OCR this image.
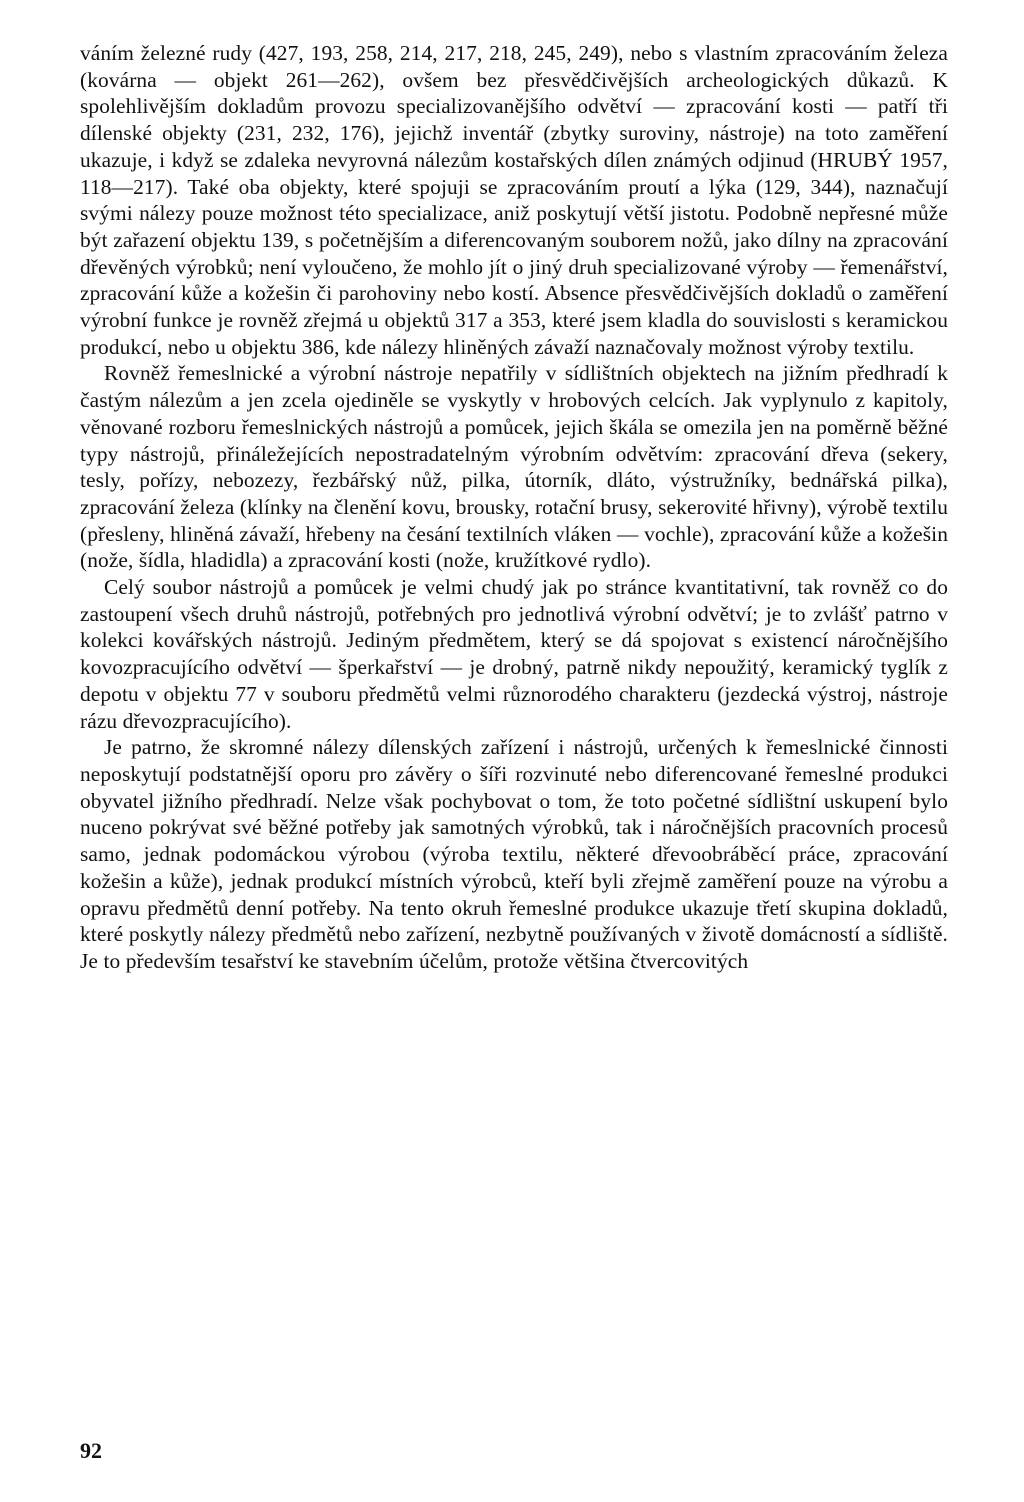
váním železné rudy (427, 193, 258, 214, 217, 218, 245, 249), nebo s vlastním zpracováním železa (kovárna — objekt 261—262), ovšem bez přesvědčivějších archeologických důkazů. K spolehlivějším dokladům provozu specializovanějšího odvětví — zpracování kosti — patří tři dílenské objekty (231, 232, 176), jejichž inventář (zbytky suroviny, nástroje) na toto zaměření ukazuje, i když se zdaleka nevyrovná nálezům kostařských dílen známých odjinud (HRUBÝ 1957, 118—217). Také oba objekty, které spojuji se zpracováním proutí a lýka (129, 344), naznačují svými nálezy pouze možnost této specializace, aniž poskytují větší jistotu. Podobně nepřesné může být zařazení objektu 139, s početnějším a diferencovaným souborem nožů, jako dílny na zpracování dřevěných výrobků; není vyloučeno, že mohlo jít o jiný druh specializované výroby — řemenářství, zpracování kůže a kožešin či parohoviny nebo kostí. Absence přesvědčivějších dokladů o zaměření výrobní funkce je rovněž zřejmá u objektů 317 a 353, které jsem kladla do souvislosti s keramickou produkcí, nebo u objektu 386, kde nálezy hliněných závaží naznačovaly možnost výroby textilu.

Rovněž řemeslnické a výrobní nástroje nepatřily v sídlištních objektech na jižním předhradí k častým nálezům a jen zcela ojediněle se vyskytly v hrobových celcích. Jak vyplynulo z kapitoly, věnované rozboru řemeslnických nástrojů a pomůcek, jejich škála se omezila jen na poměrně běžné typy nástrojů, přináležejících nepostradatelným výrobním odvětvím: zpracování dřeva (sekery, tesly, pořízy, nebozezy, řezbářský nůž, pilka, útorník, dláto, výstružníky, bednářská pilka), zpracování železa (klínky na členění kovu, brousky, rotační brusy, sekerovité hřivny), výrobě textilu (přesleny, hliněná závaží, hřebeny na česání textilních vláken — vochle), zpracování kůže a kožešin (nože, šídla, hladidla) a zpracování kosti (nože, kružítkové rydlo).

Celý soubor nástrojů a pomůcek je velmi chudý jak po stránce kvantitativní, tak rovněž co do zastoupení všech druhů nástrojů, potřebných pro jednotlivá výrobní odvětví; je to zvlášť patrno v kolekci kovářských nástrojů. Jediným předmětem, který se dá spojovat s existencí náročnějšího kovozpracujícího odvětví — šperkařství — je drobný, patrně nikdy nepoužitý, keramický tyglík z depotu v objektu 77 v souboru předmětů velmi různorodého charakteru (jezdecká výstroj, nástroje rázu dřevozpracujícího).

Je patrno, že skromné nálezy dílenských zařízení i nástrojů, určených k řemeslnické činnosti neposkytují podstatnější oporu pro závěry o šíři rozvinuté nebo diferencované řemeslné produkci obyvatel jižního předhradí. Nelze však pochybovat o tom, že toto početné sídlištní uskupení bylo nuceno pokrývat své běžné potřeby jak samotných výrobků, tak i náročnějších pracovních procesů samo, jednak podomáckou výrobou (výroba textilu, některé dřevoobráběcí práce, zpracování kožešin a kůže), jednak produkcí místních výrobců, kteří byli zřejmě zaměření pouze na výrobu a opravu předmětů denní potřeby. Na tento okruh řemeslné produkce ukazuje třetí skupina dokladů, které poskytly nálezy předmětů nebo zařízení, nezbytně používaných v životě domácností a sídliště. Je to především tesařství ke stavebním účelům, protože většina čtvercovitých

92
